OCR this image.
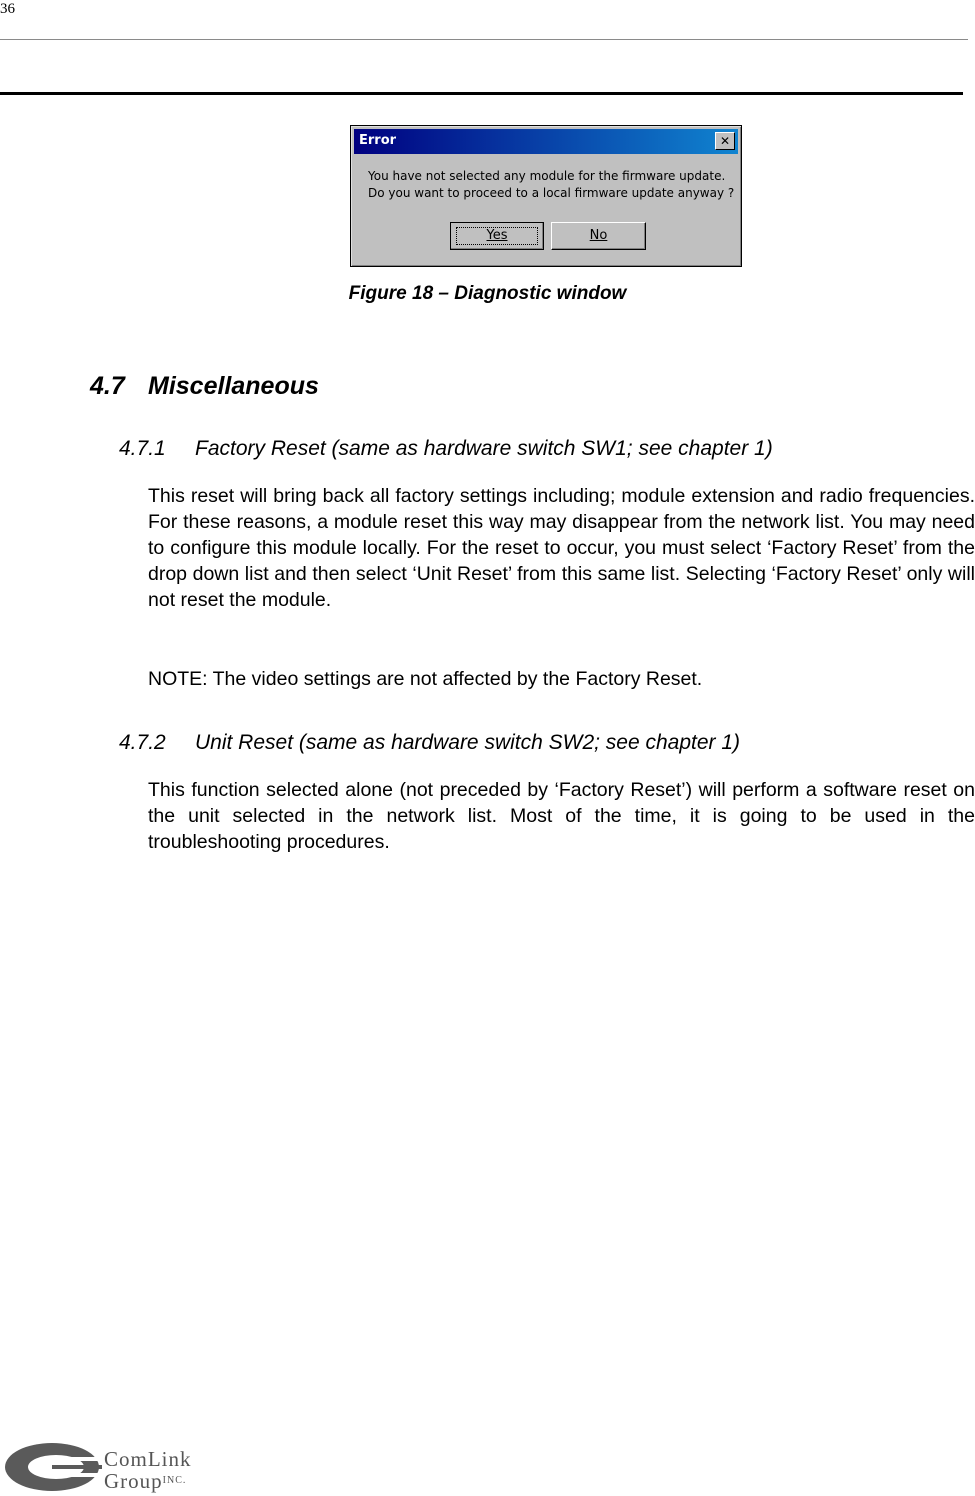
36
Error	✕
You have not selected any module for the firmware update.
Do you want to proceed to a local firmware update anyway ?
Yes	No
Figure 18 – Diagnostic window
4.7 Miscellaneous
4.7.1 Factory Reset (same as hardware switch SW1; see chapter 1)

This reset will bring back all factory settings including; module extension and radio frequencies. For these reasons, a module reset this way may disappear from the network list. You may need to configure this module locally. For the reset to occur, you must select ‘Factory Reset’ from the drop down list and then select ‘Unit Reset’ from this same list. Selecting ‘Factory Reset’ only will not reset the module.

NOTE: The video settings are not affected by the Factory Reset.

4.7.2 Unit Reset (same as hardware switch SW2; see chapter 1)

This function selected alone (not preceded by ‘Factory Reset’) will perform a software reset on the unit selected in the network list. Most of the time, it is going to be used in the troubleshooting procedures.

ComLink
Group$^{INC.}$
